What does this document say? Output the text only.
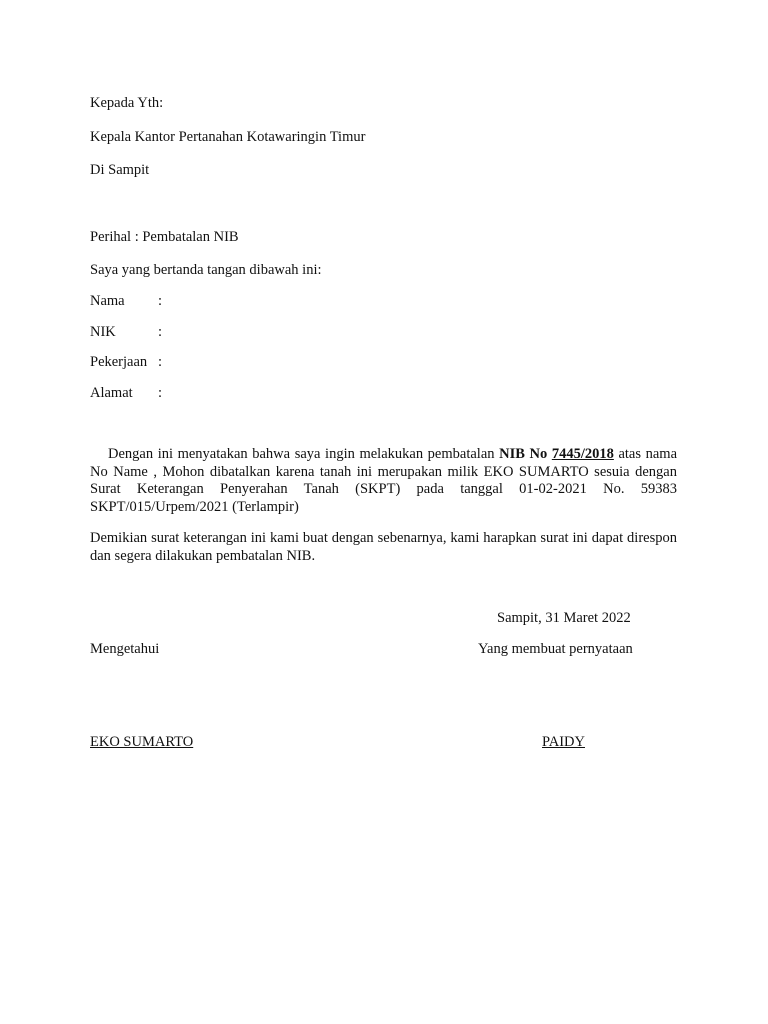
Kepada Yth:
Kepala Kantor Pertanahan Kotawaringin Timur
Di Sampit
Perihal : Pembatalan NIB
Saya yang bertanda tangan dibawah ini:
Nama :
NIK	:
Pekerjaan :
Alamat :
Dengan ini menyatakan bahwa saya ingin melakukan pembatalan NIB No 7445/2018 atas nama No Name , Mohon dibatalkan karena tanah ini merupakan milik EKO SUMARTO sesuia dengan Surat Keterangan Penyerahan Tanah (SKPT) pada tanggal 01-02-2021 No. 59383 SKPT/015/Urpem/2021 (Terlampir)
Demikian surat keterangan ini kami buat dengan sebenarnya, kami harapkan surat ini dapat direspon dan segera dilakukan pembatalan NIB.
Sampit, 31 Maret 2022
Mengetahui	Yang membuat pernyataan
EKO SUMARTO	PAIDY
